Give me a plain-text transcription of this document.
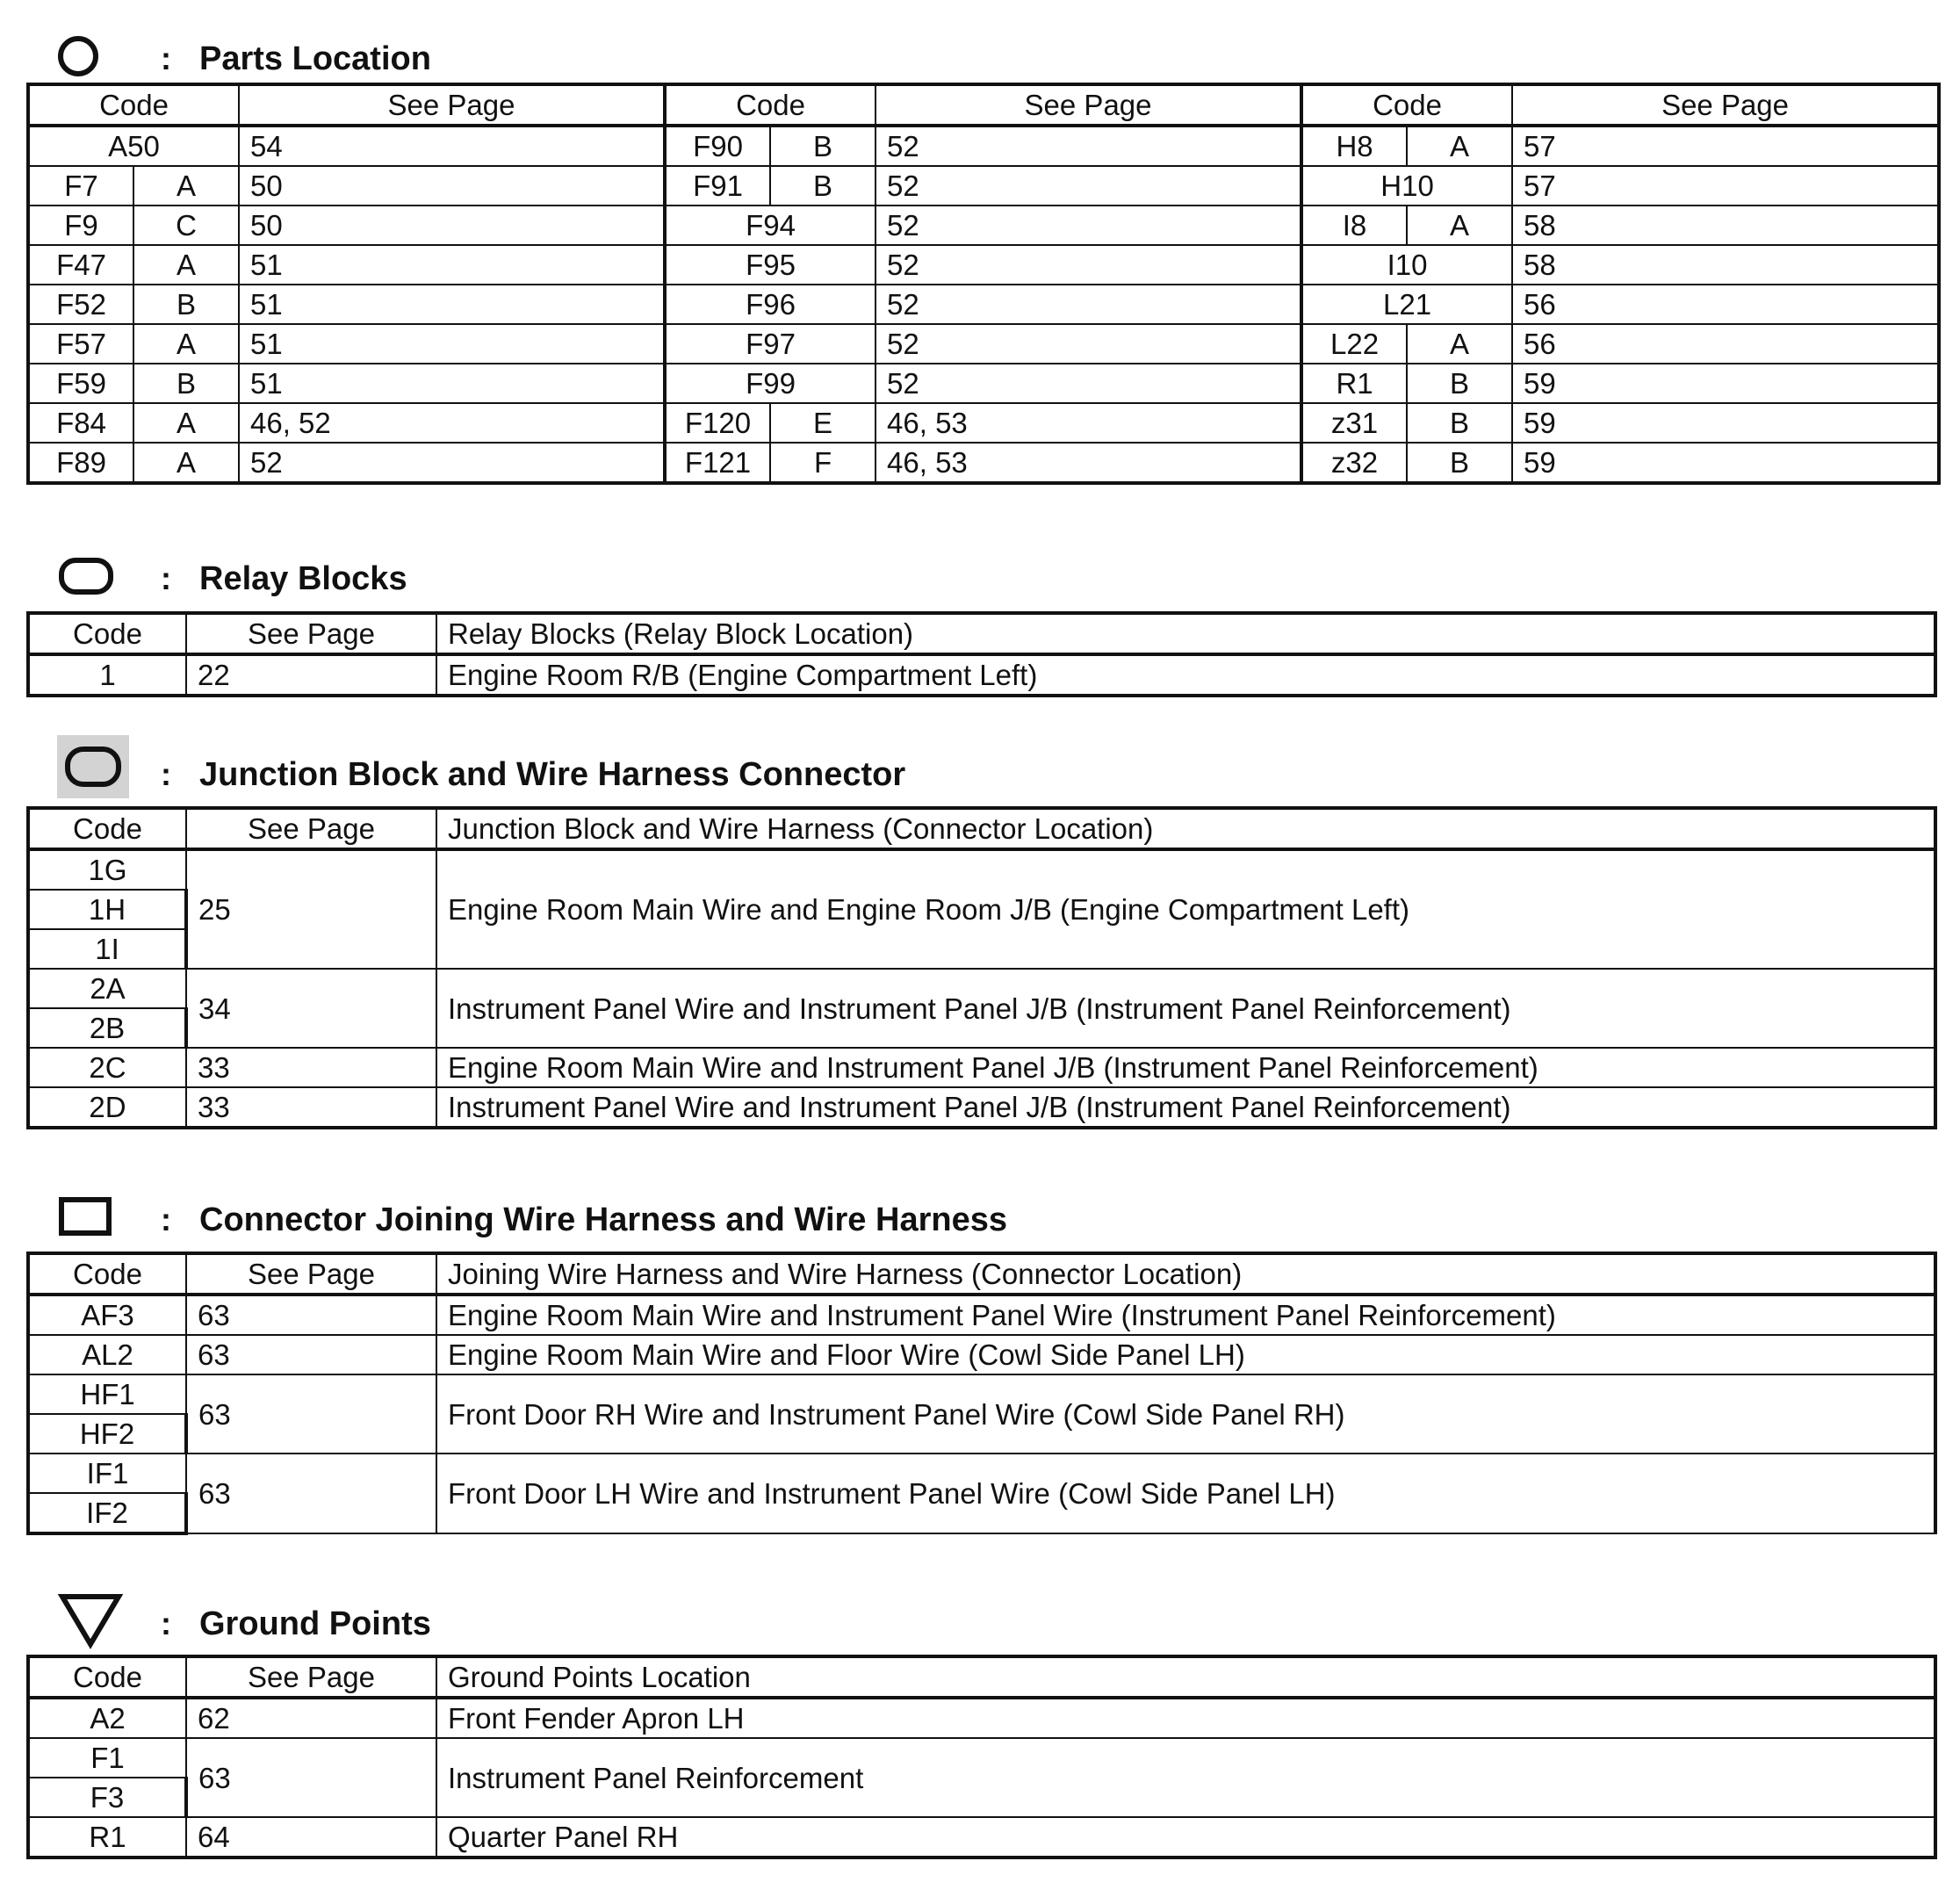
: Parts Location
Code		See Page	Code		See Page	Code		See Page
A50		54	F90	B	52	H8	A	57
F7	A	50	F91	B	52	H10		57
F9	C	50	F94		52	I8	A	58
F47	A	51	F95		52	I10		58
F52	B	51	F96		52	L21		56
F57	A	51	F97		52	L22	A	56
F59	B	51	F99		52	R1	B	59
F84	A	46, 52	F120	E	46, 53	z31	B	59
F89	A	52	F121	F	46, 53	z32	B	59
: Relay Blocks
Code	See Page	Relay Blocks (Relay Block Location)
1	22	Engine Room R/B (Engine Compartment Left)
: Junction Block and Wire Harness Connector
Code	See Page	Junction Block and Wire Harness (Connector Location)
1G	25	Engine Room Main Wire and Engine Room J/B (Engine Compartment Left)
1H		
1I		
2A	34	Instrument Panel Wire and Instrument Panel J/B (Instrument Panel Reinforcement)
2B		
2C	33	Engine Room Main Wire and Instrument Panel J/B (Instrument Panel Reinforcement)
2D	33	Instrument Panel Wire and Instrument Panel J/B (Instrument Panel Reinforcement)
: Connector Joining Wire Harness and Wire Harness
Code	See Page	Joining Wire Harness and Wire Harness (Connector Location)
AF3	63	Engine Room Main Wire and Instrument Panel Wire (Instrument Panel Reinforcement)
AL2	63	Engine Room Main Wire and Floor Wire (Cowl Side Panel LH)
HF1	63	Front Door RH Wire and Instrument Panel Wire (Cowl Side Panel RH)
HF2		
IF1	63	Front Door LH Wire and Instrument Panel Wire (Cowl Side Panel LH)
IF2		
: Ground Points
Code	See Page	Ground Points Location
A2	62	Front Fender Apron LH
F1	63	Instrument Panel Reinforcement
F3		
R1	64	Quarter Panel RH
